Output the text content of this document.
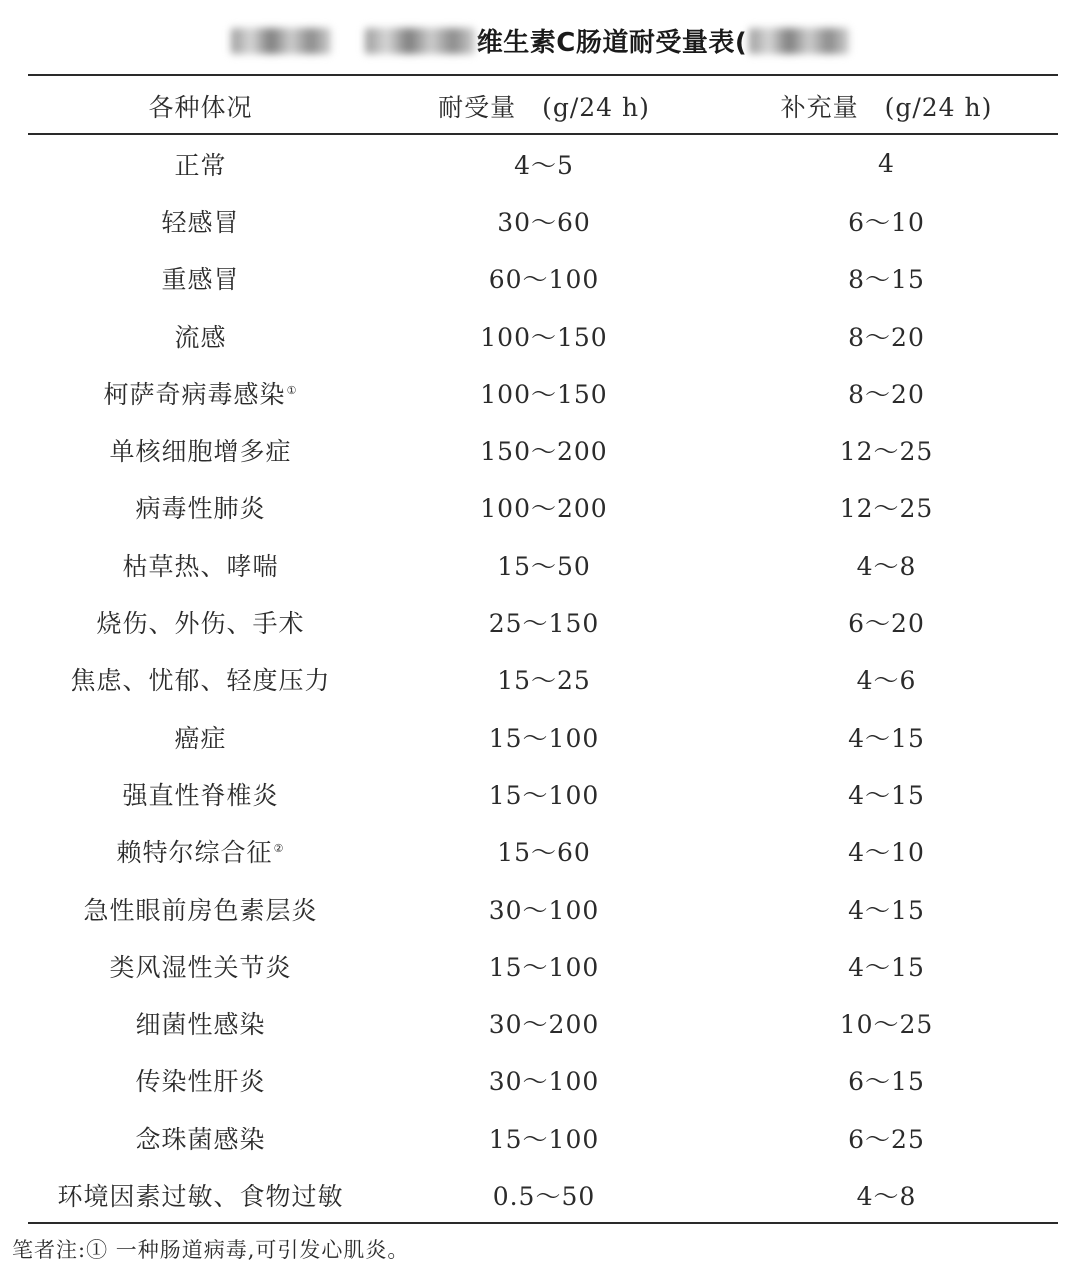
维生素C肠道耐受量表(
各种体况	耐受量　(g/24 h)	补充量　(g/24 h)
正常	4～5	4
轻感冒	30～60	6～10
重感冒	60～100	8～15
流感	100～150	8～20
柯萨奇病毒感染①	100～150	8～20
单核细胞增多症	150～200	12～25
病毒性肺炎	100～200	12～25
枯草热、哮喘	15～50	4～8
烧伤、外伤、手术	25～150	6～20
焦虑、忧郁、轻度压力	15～25	4～6
癌症	15～100	4～15
强直性脊椎炎	15～100	4～15
赖特尔综合征②	15～60	4～10
急性眼前房色素层炎	30～100	4～15
类风湿性关节炎	15～100	4～15
细菌性感染	30～200	10～25
传染性肝炎	30～100	6～15
念珠菌感染	15～100	6～25
环境因素过敏、食物过敏	0.5～50	4～8
笔者注:① 一种肠道病毒,可引发心肌炎。
